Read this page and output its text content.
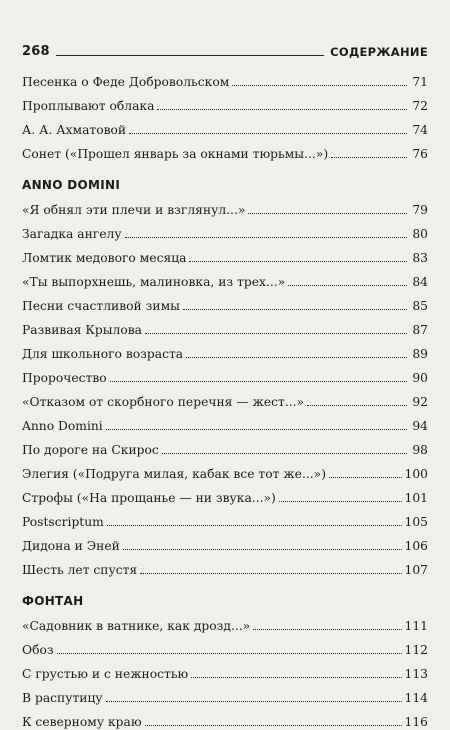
268	СОДЕРЖАНИЕ
Песенка о Феде Добровольском	71
Проплывают облака	72
А. А. Ахматовой	74
Сонет («Прошел январь за окнами тюрьмы...»)	76
ANNO DOMINI
«Я обнял эти плечи и взглянул...»	79
Загадка ангелу	80
Ломтик медового месяца	83
«Ты выпорхнешь, малиновка, из трех...»	84
Песни счастливой зимы	85
Развивая Крылова	87
Для школьного возраста	89
Пророчество	90
«Отказом от скорбного перечня — жест...»	92
Anno Domini	94
По дороге на Скирос	98
Элегия («Подруга милая, кабак все тот же...»)	100
Строфы («На прощанье — ни звука...»)	101
Postscriptum	105
Дидона и Эней	106
Шесть лет спустя	107
ФОНТАН
«Садовник в ватнике, как дрозд...»	111
Обоз	112
С грустью и с нежностью	113
В распутицу	114
К северному краю	116
